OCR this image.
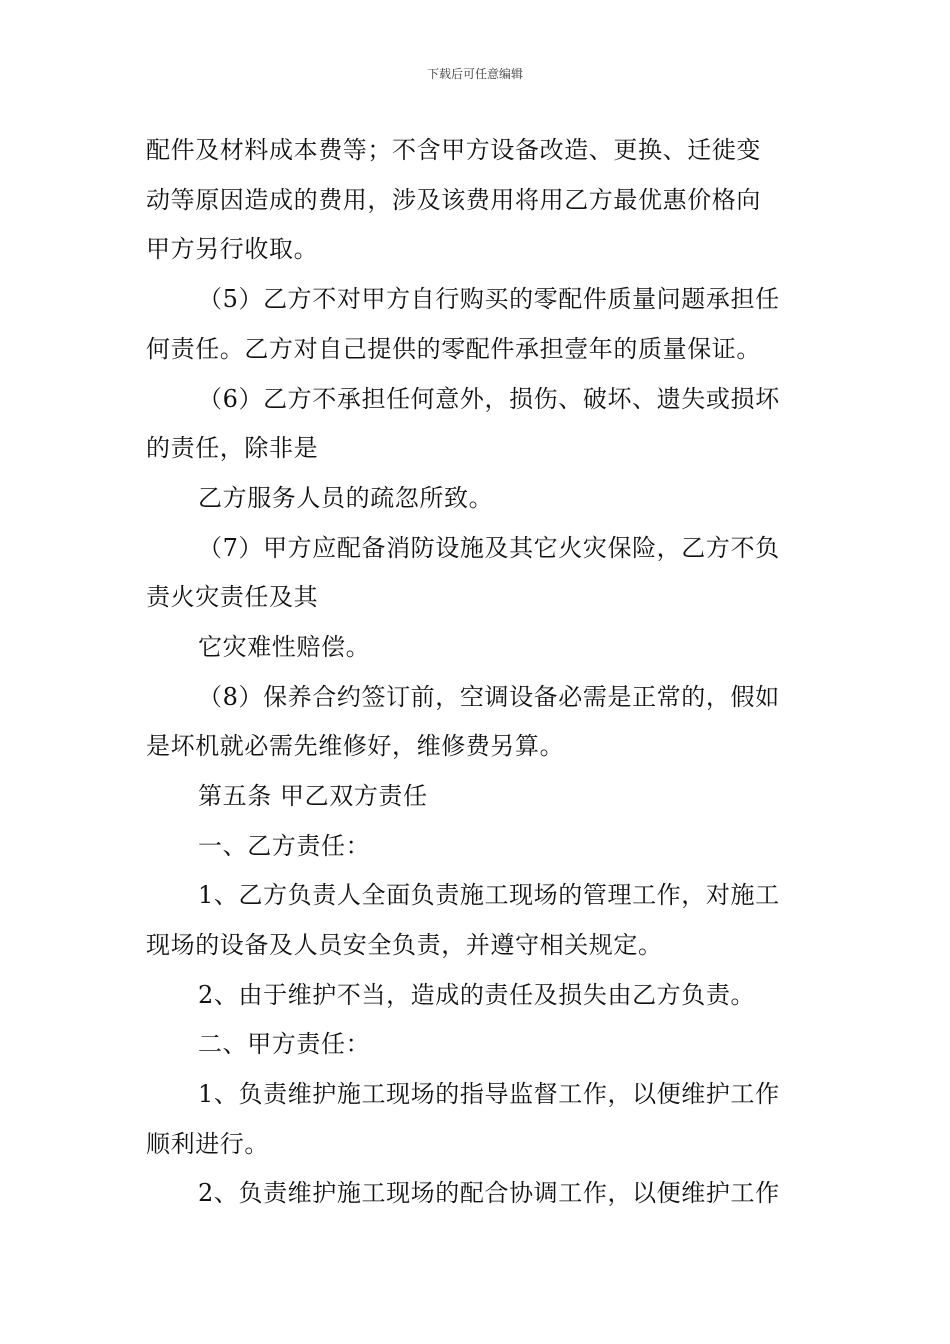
下载后可任意编辑
配件及材料成本费等；不含甲方设备改造、更换、迁徙变
动等原因造成的费用，涉及该费用将用乙方最优惠价格向
甲方另行收取。
（5）乙方不对甲方自行购买的零配件质量问题承担任
何责任。乙方对自己提供的零配件承担壹年的质量保证。
（6）乙方不承担任何意外，损伤、破坏、遗失或损坏
的责任，除非是
乙方服务人员的疏忽所致。
（7）甲方应配备消防设施及其它火灾保险，乙方不负
责火灾责任及其
它灾难性赔偿。
（8）保养合约签订前，空调设备必需是正常的，假如
是坏机就必需先维修好，维修费另算。
第五条 甲乙双方责任
一、乙方责任：
1、乙方负责人全面负责施工现场的管理工作，对施工
现场的设备及人员安全负责，并遵守相关规定。
2、由于维护不当，造成的责任及损失由乙方负责。
二、甲方责任：
1、负责维护施工现场的指导监督工作，以便维护工作
顺利进行。
2、负责维护施工现场的配合协调工作，以便维护工作
